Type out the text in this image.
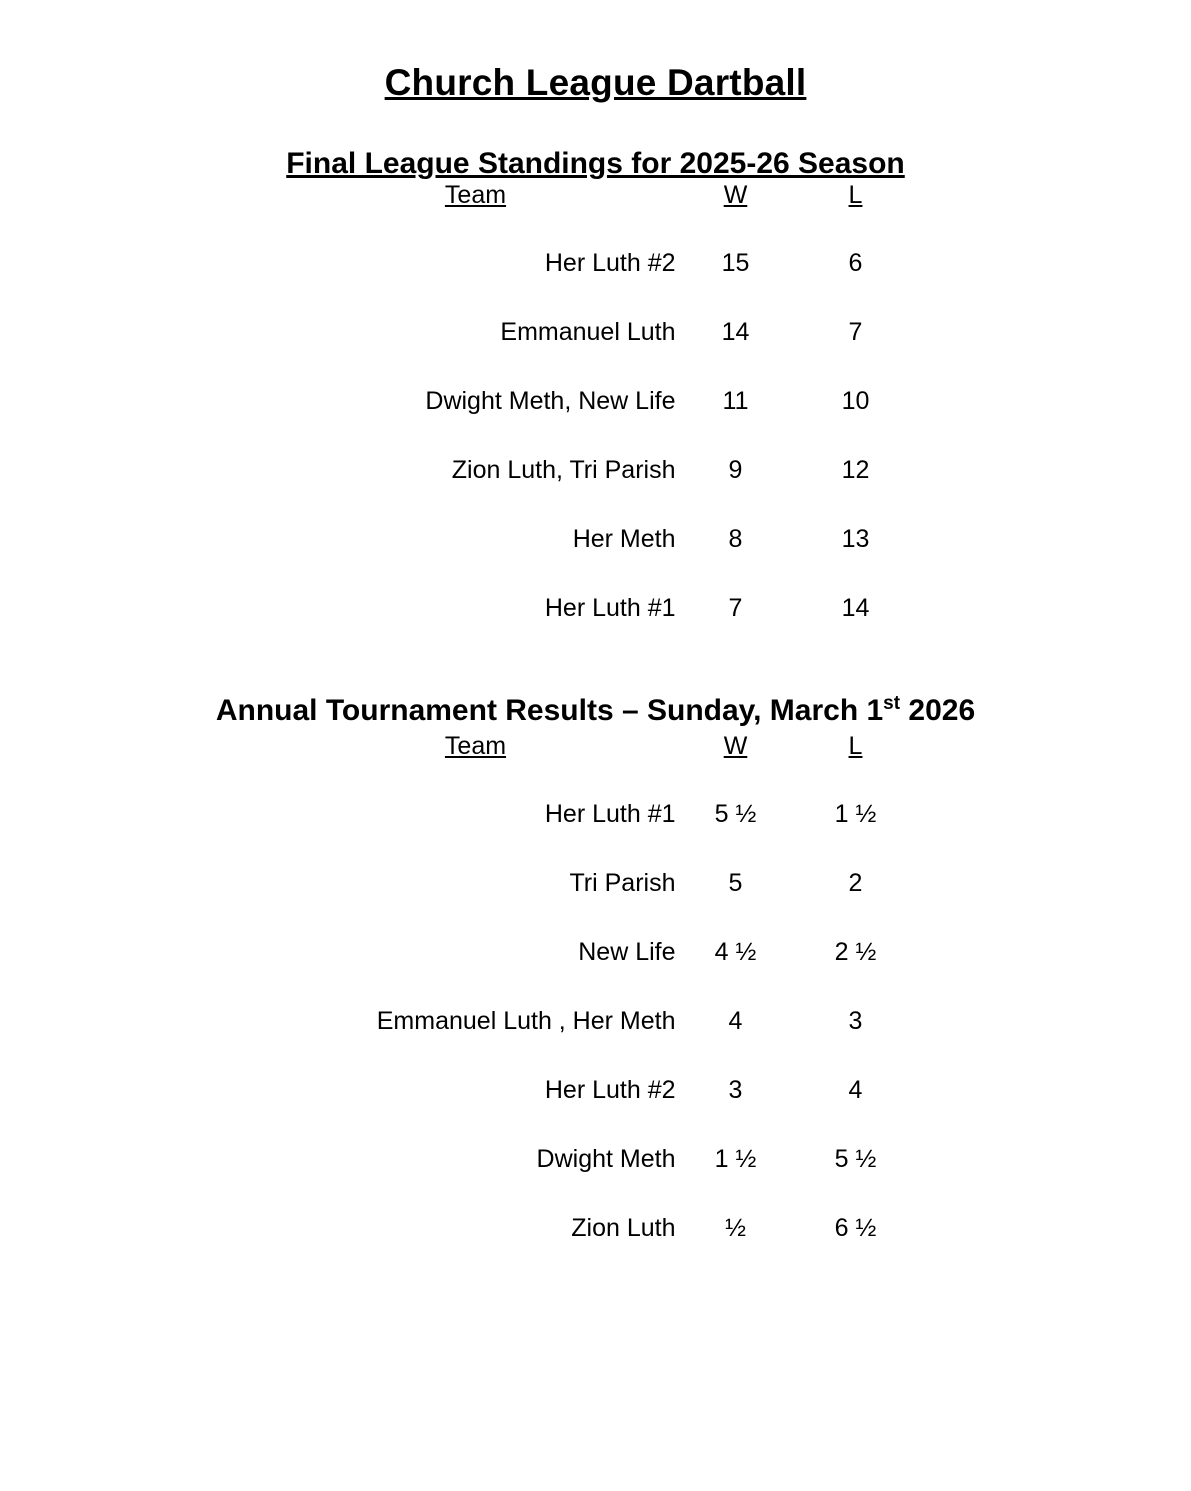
Church League Dartball
Final League Standings for 2025-26 Season
Team	W	L
Her Luth #2	15	6
Emmanuel Luth	14	7
Dwight Meth, New Life	11	10
Zion Luth, Tri Parish	9	12
Her Meth	8	13
Her Luth #1	7	14
Annual Tournament Results – Sunday, March 1st 2026
Team	W	L
Her Luth #1	5 ½	1 ½
Tri Parish	5	2
New Life	4 ½	2 ½
Emmanuel Luth , Her Meth	4	3
Her Luth #2	3	4
Dwight Meth	1 ½	5 ½
Zion Luth	½	6 ½
